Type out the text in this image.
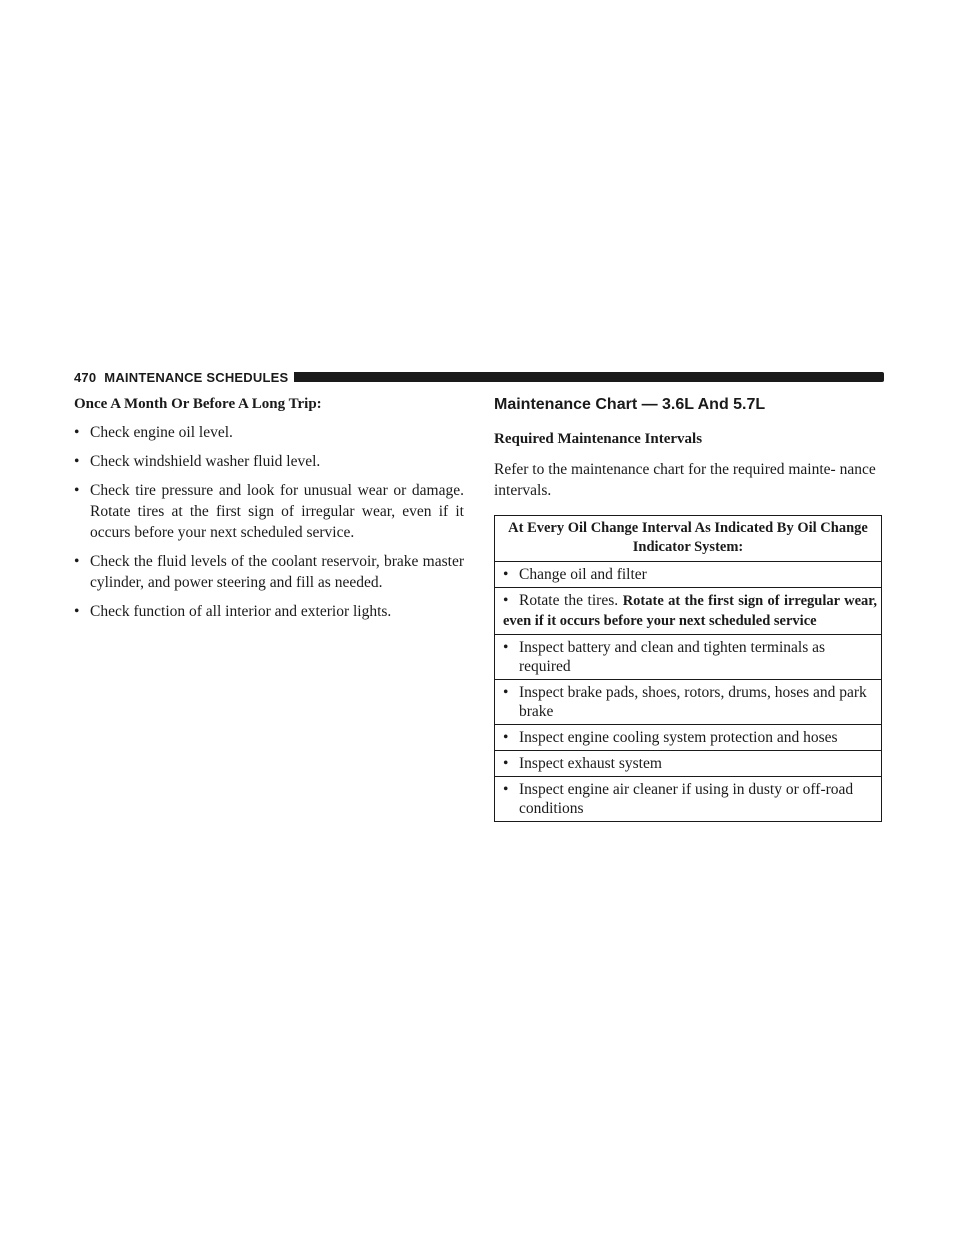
470 MAINTENANCE SCHEDULES
Once A Month Or Before A Long Trip:
• Check engine oil level.
• Check windshield washer fluid level.
• Check tire pressure and look for unusual wear or damage. Rotate tires at the first sign of irregular wear, even if it occurs before your next scheduled service.
• Check the fluid levels of the coolant reservoir, brake master cylinder, and power steering and fill as needed.
• Check function of all interior and exterior lights.
Maintenance Chart — 3.6L And 5.7L
Required Maintenance Intervals
Refer to the maintenance chart for the required mainte- nance intervals.
At Every Oil Change Interval As Indicated By Oil Change Indicator System:

• Change oil and filter

• Rotate the tires. Rotate at the first sign of irregular wear, even if it occurs before your next scheduled service

• Inspect battery and clean and tighten terminals as required

• Inspect brake pads, shoes, rotors, drums, hoses and park brake

• Inspect engine cooling system protection and hoses

• Inspect exhaust system

• Inspect engine air cleaner if using in dusty or off-road conditions
